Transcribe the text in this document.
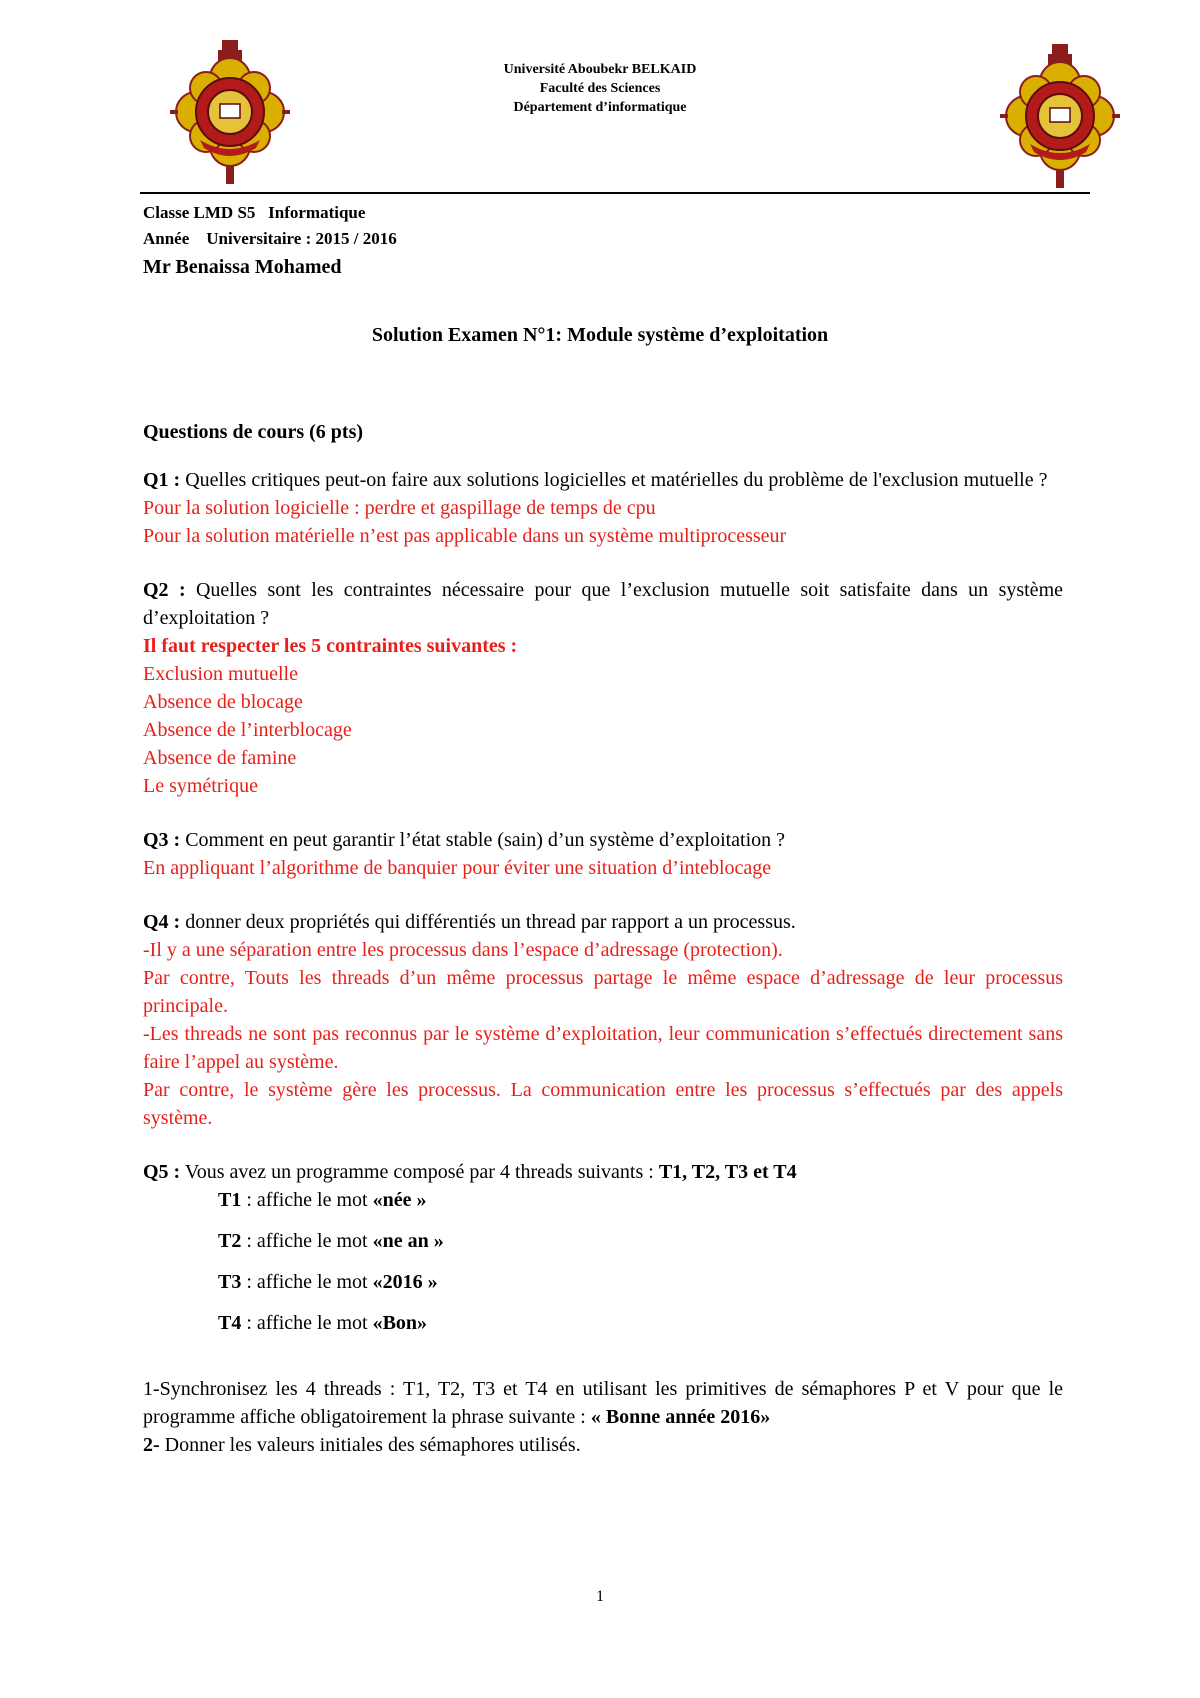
Université Aboubekr BELKAID
Faculté des Sciences
Département d’informatique
Classe LMD S5   Informatique
Année    Universitaire : 2015 / 2016
Mr Benaissa Mohamed
Solution Examen N°1: Module système d’exploitation

Questions de cours (6 pts)

Q1 : Quelles critiques peut-on faire aux solutions logicielles et matérielles du problème de l'exclusion mutuelle ?

Pour la solution logicielle : perdre et gaspillage de temps de cpu

Pour la solution matérielle n’est pas applicable dans un système multiprocesseur

Q2 : Quelles sont les contraintes nécessaire pour que l’exclusion mutuelle soit satisfaite dans un système d’exploitation ?

Il faut respecter les 5 contraintes suivantes :

Exclusion mutuelle

Absence de blocage

Absence de l’interblocage

Absence de famine

Le symétrique

Q3 : Comment en peut garantir l’état stable (sain) d’un système d’exploitation ?

En appliquant l’algorithme de banquier pour éviter une situation d’inteblocage

Q4 : donner deux propriétés qui différentiés un thread par rapport a un processus.

-Il y a une séparation entre les processus dans l’espace d’adressage (protection).

Par contre, Touts les threads d’un même processus partage le même espace d’adressage de leur processus principale.

-Les threads ne sont pas reconnus par le système d’exploitation, leur communication s’effectués directement sans faire l’appel au système.

Par contre, le système gère les processus. La communication entre les processus s’effectués par des appels système.

Q5 : Vous avez un programme composé par 4 threads suivants : T1, T2, T3 et T4

T1 : affiche le mot «née »

T2 : affiche le mot «ne an »

T3 : affiche le mot «2016 »

T4 : affiche le mot «Bon»

1-Synchronisez les 4 threads : T1, T2, T3 et T4 en utilisant les primitives de sémaphores P et V pour que le programme affiche obligatoirement la phrase suivante : « Bonne année 2016»

2- Donner les valeurs initiales des sémaphores utilisés.

1
